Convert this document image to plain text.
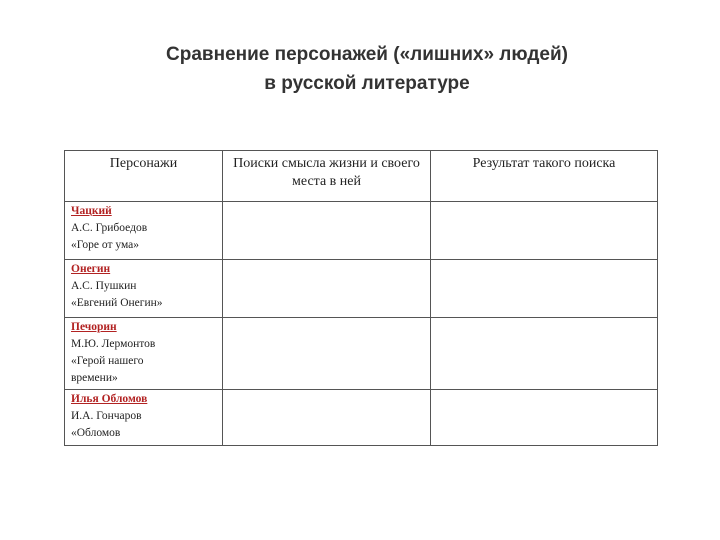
Сравнение персонажей («лишних» людей)
в русской литературе
Персонажи	Поиски смысла жизни и своего места в ней	Результат такого поиска

Чацкий
А.С. Грибоедов
«Горе от ума»		

Онегин
А.С. Пушкин
«Евгений Онегин»		

Печорин
М.Ю. Лермонтов
«Герой нашего
времени»		

Илья Обломов
И.А. Гончаров
«Обломов		
